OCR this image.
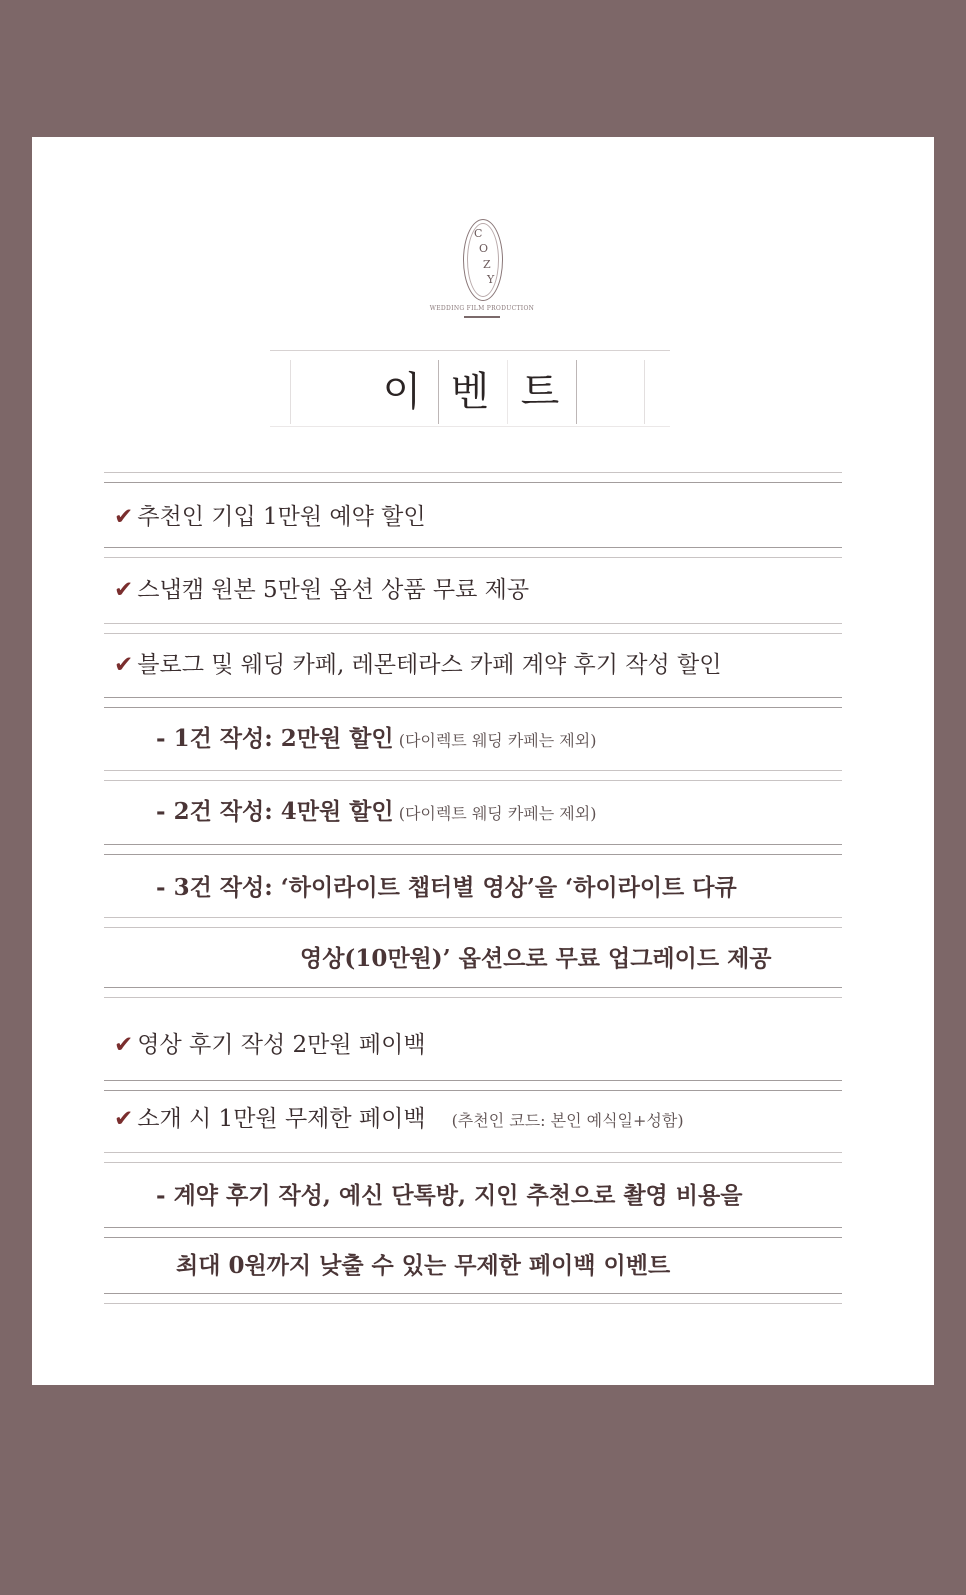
C
O
Z
Y
WEDDING FILM PRODUCTION
이 벤 트
✔ 추천인 기입 1만원 예약 할인
✔ 스냅캠 원본 5만원 옵션 상품 무료 제공
✔ 블로그 및 웨딩 카페, 레몬테라스 카페 계약 후기 작성 할인
- 1건 작성: 2만원 할인 (다이렉트 웨딩 카페는 제외)
- 2건 작성: 4만원 할인 (다이렉트 웨딩 카페는 제외)
- 3건 작성: ‘하이라이트 챕터별 영상’을 ‘하이라이트 다큐
영상(10만원)’ 옵션으로 무료 업그레이드 제공
✔ 영상 후기 작성 2만원 페이백
✔ 소개 시 1만원 무제한 페이백 (추천인 코드: 본인 예식일+성함)
- 계약 후기 작성, 예신 단톡방, 지인 추천으로 촬영 비용을
최대 0원까지 낮출 수 있는 무제한 페이백 이벤트
